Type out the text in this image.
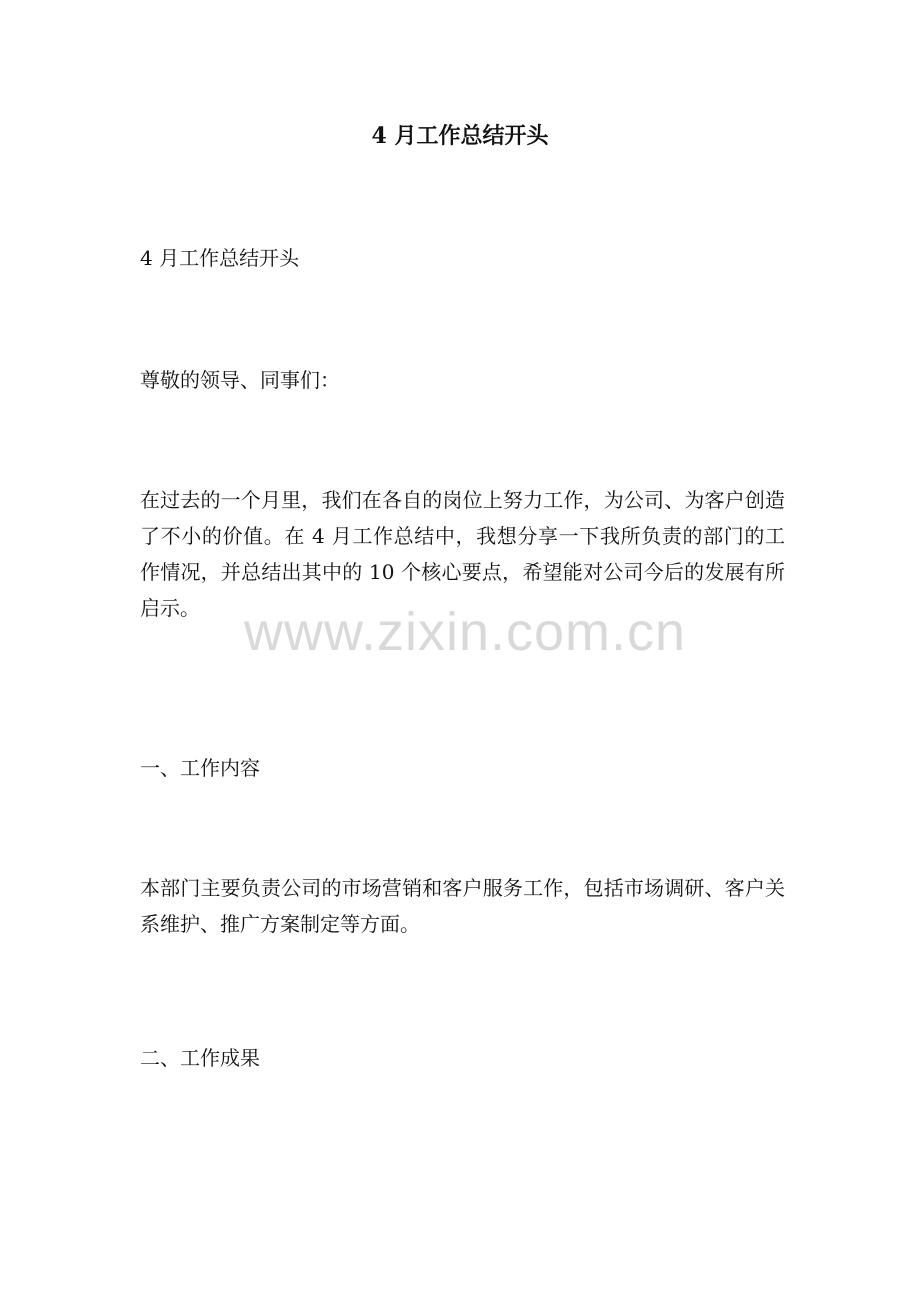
4 月工作总结开头

4 月工作总结开头

尊敬的领导、同事们：

在过去的一个月里，我们在各自的岗位上努力工作，为公司、为客户创造了不小的价值。在 4 月工作总结中，我想分享一下我所负责的部门的工作情况，并总结出其中的 10 个核心要点，希望能对公司今后的发展有所启示。

一、工作内容

本部门主要负责公司的市场营销和客户服务工作，包括市场调研、客户关系维护、推广方案制定等方面。

二、工作成果

www.zixin.com.cn
